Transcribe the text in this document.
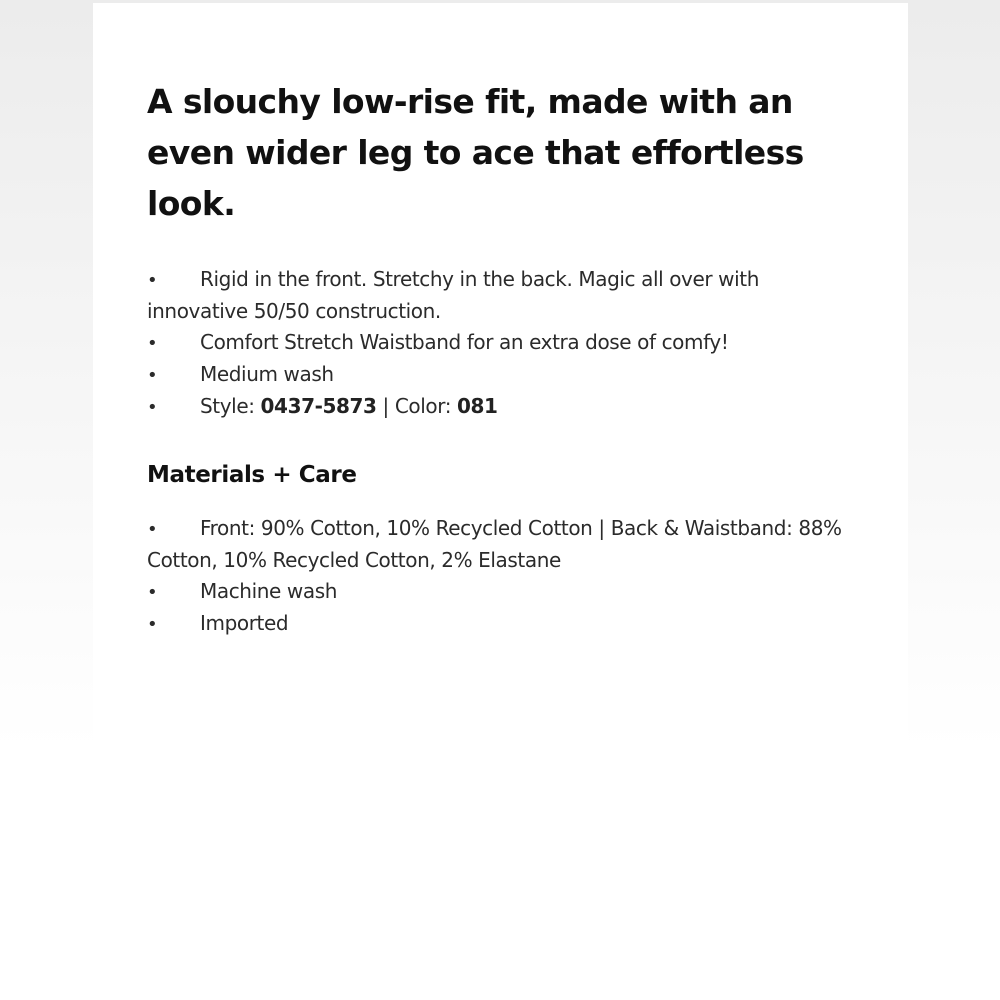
A slouchy low-rise fit, made with an even wider leg to ace that effortless look.
• Rigid in the front. Stretchy in the back. Magic all over with innovative 50/50 construction.
• Comfort Stretch Waistband for an extra dose of comfy!
• Medium wash
• Style: 0437-5873 | Color: 081
Materials + Care
• Front: 90% Cotton, 10% Recycled Cotton | Back & Waistband: 88% Cotton, 10% Recycled Cotton, 2% Elastane
• Machine wash
• Imported
